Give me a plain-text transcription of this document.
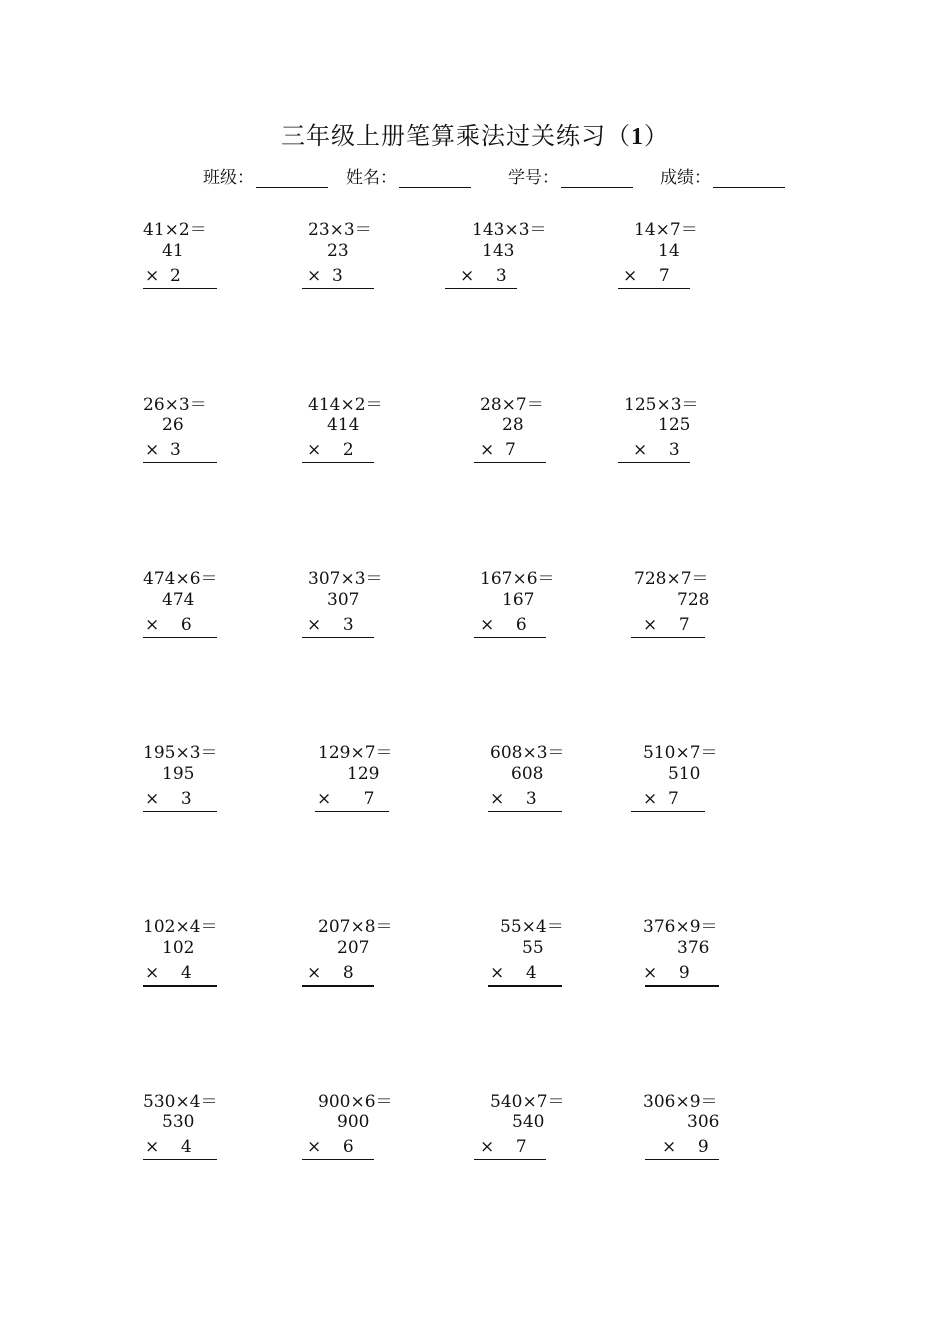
三年级上册笔算乘法过关练习（1）
班级：	姓名：	学号：	成绩：
41×2＝
41
×  2
23×3＝
23
×  3
143×3＝
143
×    3
14×7＝
14
×    7
26×3＝
26
×  3
414×2＝
414
×    2
28×7＝
28
×  7
125×3＝
125
×    3
474×6＝
474
×    6
307×3＝
307
×    3
167×6＝
167
×    6
728×7＝
728
×    7
195×3＝
195
×    3
129×7＝
129
×      7
608×3＝
608
×    3
510×7＝
510
×  7
102×4＝
102
×    4
207×8＝
207
×    8
55×4＝
55
×    4
376×9＝
376
×    9
530×4＝
530
×    4
900×6＝
900
×    6
540×7＝
540
×    7
306×9＝
306
×    9
